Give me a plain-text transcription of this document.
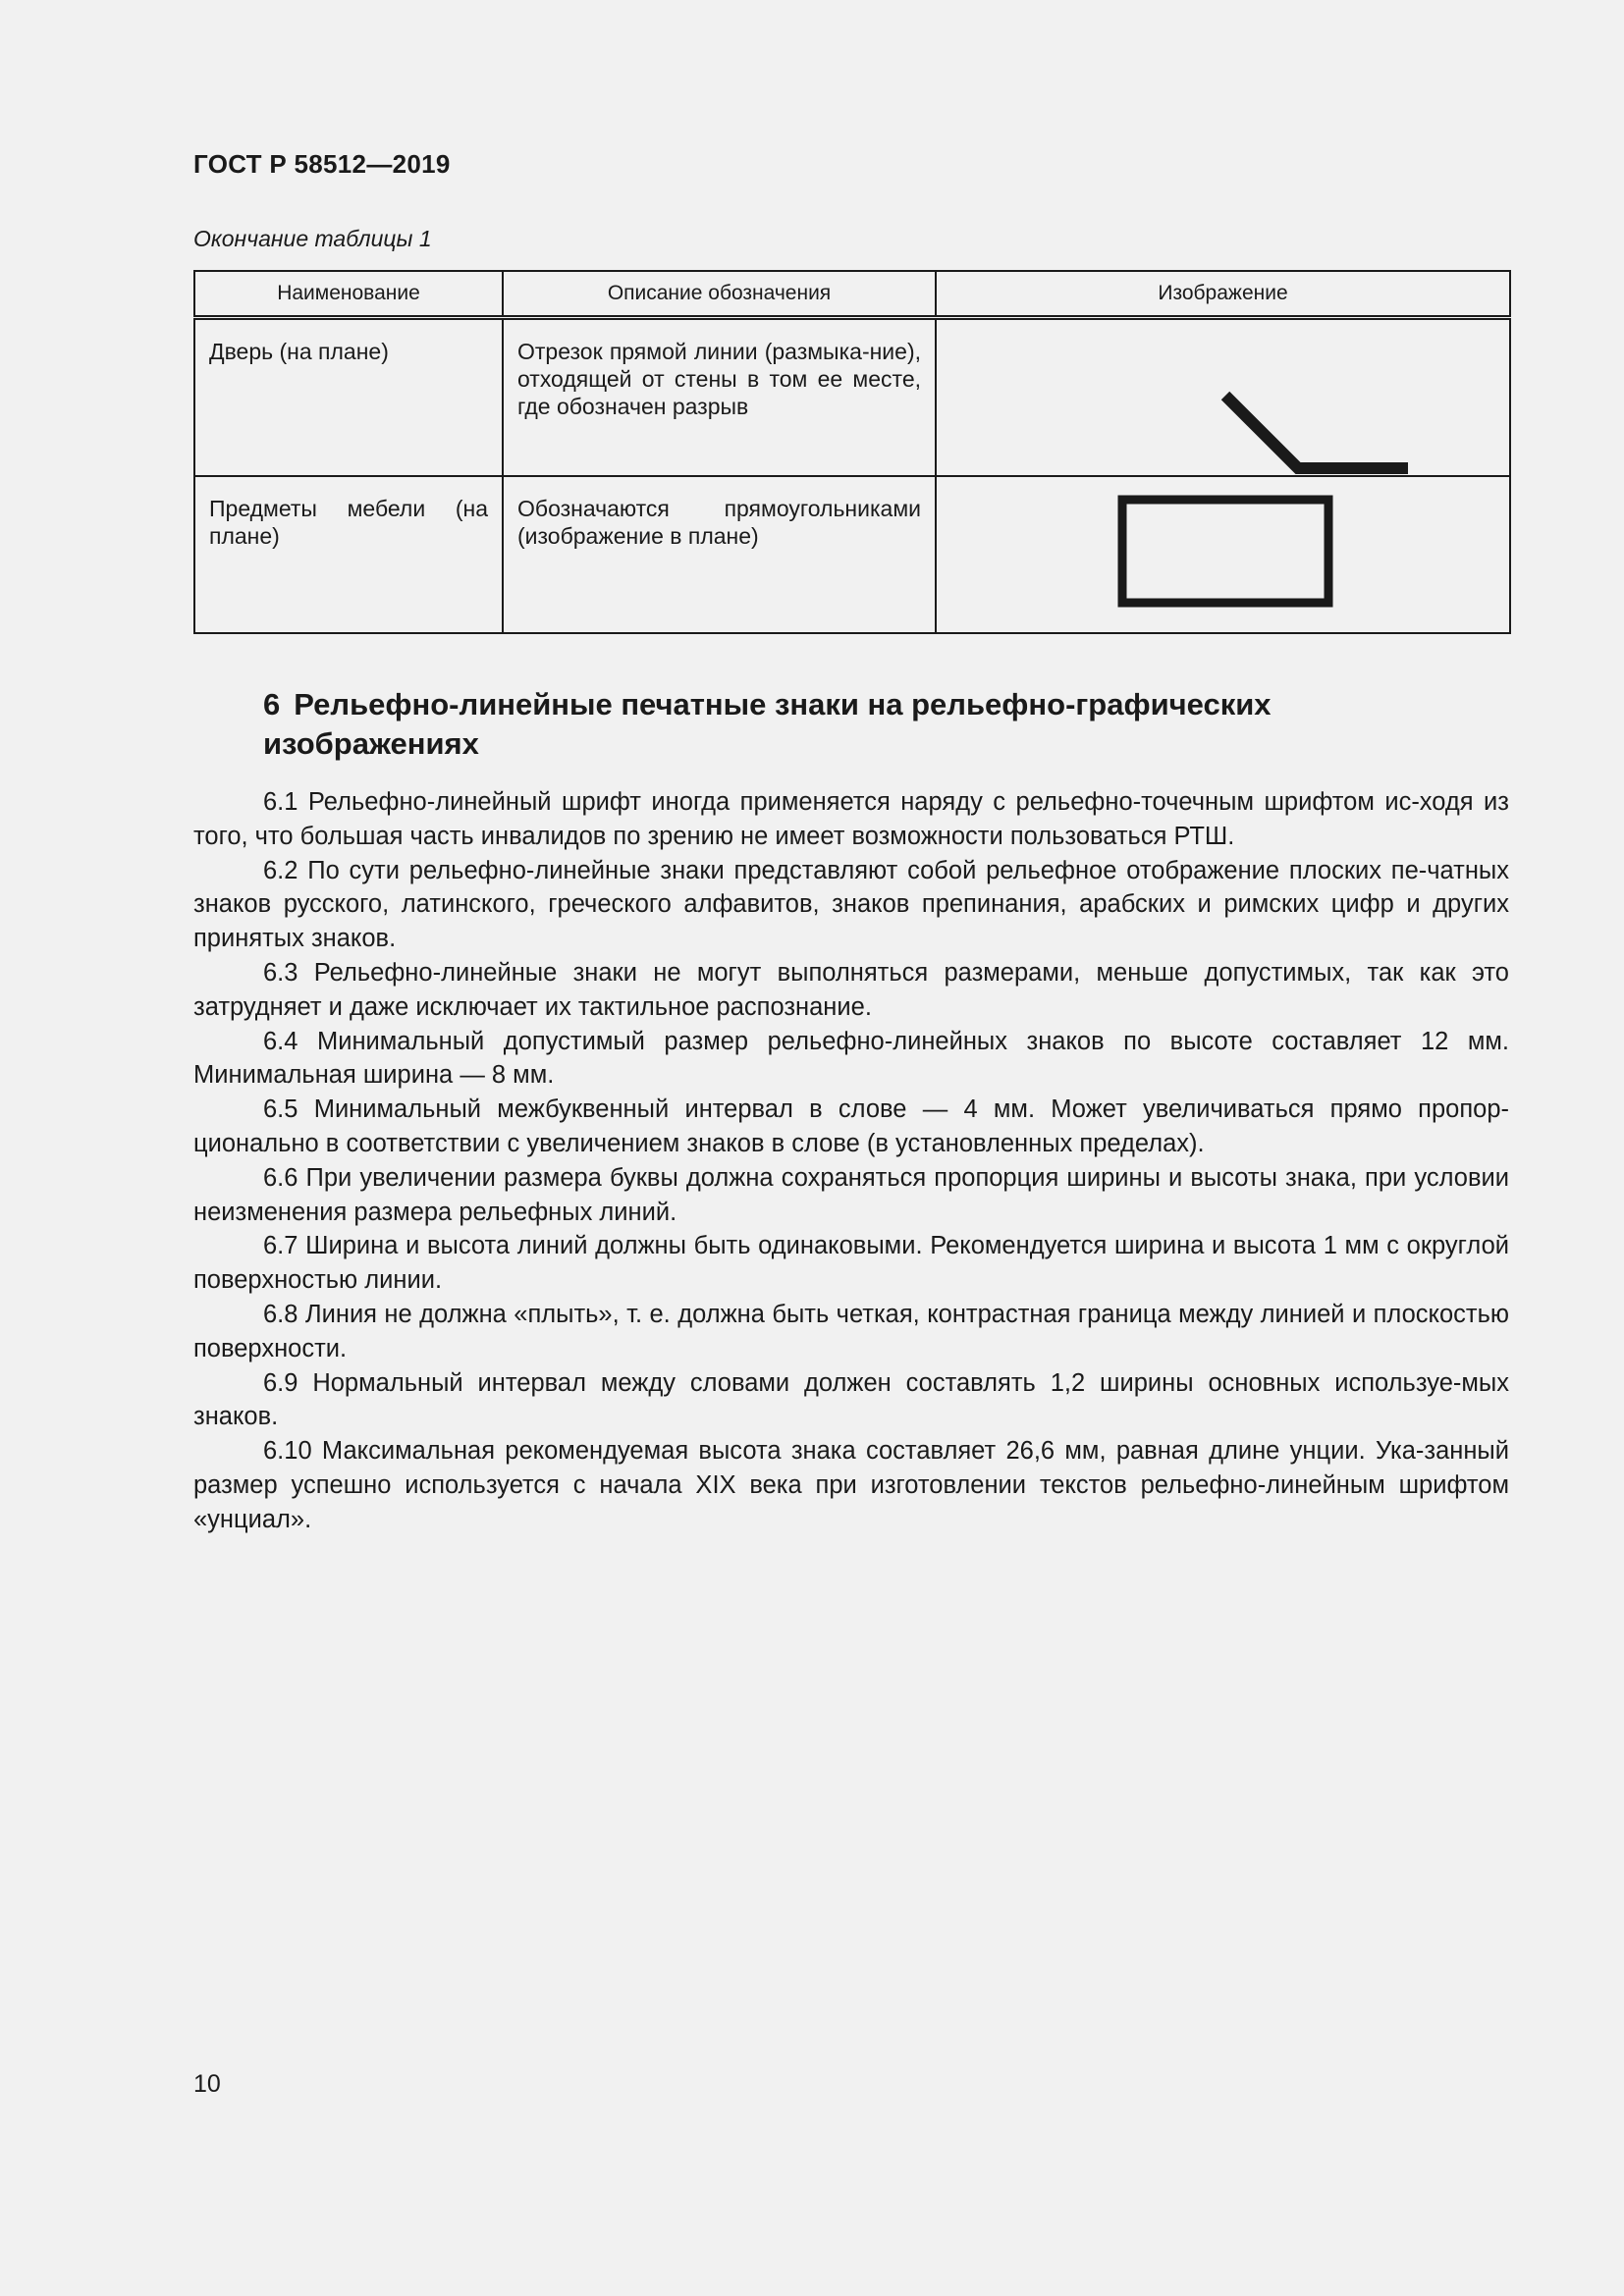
ГОСТ Р 58512—2019
Окончание таблицы 1
Наименование	Описание обозначения	Изображение

Дверь (на плане)	Отрезок прямой линии (размыка-ние), отходящей от стены в том ее месте, где обозначен разрыв

Предметы мебели (на плане)	Обозначаются прямоугольниками (изображение в плане)

6 Рельефно-линейные печатные знаки на рельефно-графических изображениях

6.1 Рельефно-линейный шрифт иногда применяется наряду с рельефно-точечным шрифтом ис-ходя из того, что большая часть инвалидов по зрению не имеет возможности пользоваться РТШ.

6.2 По сути рельефно-линейные знаки представляют собой рельефное отображение плоских пе-чатных знаков русского, латинского, греческого алфавитов, знаков препинания, арабских и римских цифр и других принятых знаков.

6.3 Рельефно-линейные знаки не могут выполняться размерами, меньше допустимых, так как это затрудняет и даже исключает их тактильное распознание.

6.4 Минимальный допустимый размер рельефно-линейных знаков по высоте составляет 12 мм. Минимальная ширина — 8 мм.

6.5 Минимальный межбуквенный интервал в слове — 4 мм. Может увеличиваться прямо пропор-ционально в соответствии с увеличением знаков в слове (в установленных пределах).

6.6 При увеличении размера буквы должна сохраняться пропорция ширины и высоты знака, при условии неизменения размера рельефных линий.

6.7 Ширина и высота линий должны быть одинаковыми. Рекомендуется ширина и высота 1 мм с округлой поверхностью линии.

6.8 Линия не должна «плыть», т. е. должна быть четкая, контрастная граница между линией и плоскостью поверхности.

6.9 Нормальный интервал между словами должен составлять 1,2 ширины основных используе-мых знаков.

6.10 Максимальная рекомендуемая высота знака составляет 26,6 мм, равная длине унции. Ука-занный размер успешно используется с начала XIX века при изготовлении текстов рельефно-линейным шрифтом «унциал».

10
